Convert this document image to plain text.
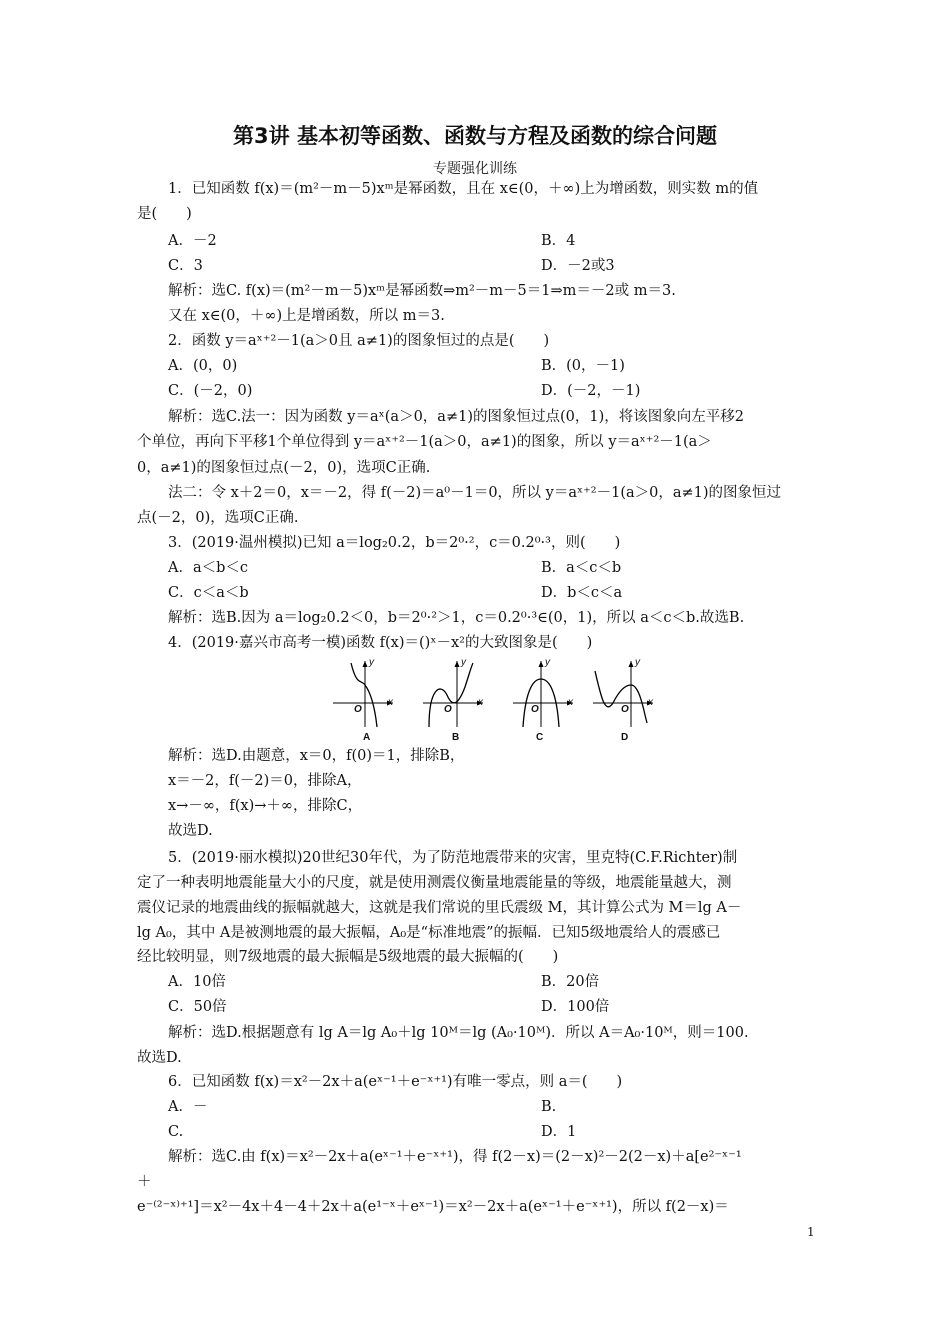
第3讲 基本初等函数、函数与方程及函数的综合问题
专题强化训练
1．已知函数 f(x)＝(m²－m－5)xᵐ是幂函数，且在 x∈(0，＋∞)上为增函数，则实数 m的值
是(　　)
A．－2	B．4
C．3	D．－2或3
解析：选C. f(x)＝(m²－m－5)xᵐ是幂函数⇒m²－m－5＝1⇒m＝－2或 m＝3.
又在 x∈(0，＋∞)上是增函数，所以 m＝3.
2．函数 y＝aˣ⁺²－1(a＞0且 a≠1)的图象恒过的点是(　　)
A．(0，0)	B．(0，－1)
C．(－2，0)	D．(－2，－1)
解析：选C.法一：因为函数 y＝aˣ(a＞0，a≠1)的图象恒过点(0，1)，将该图象向左平移2
个单位，再向下平移1个单位得到 y＝aˣ⁺²－1(a＞0，a≠1)的图象，所以 y＝aˣ⁺²－1(a＞
0，a≠1)的图象恒过点(－2，0)，选项C正确.
法二：令 x＋2＝0，x＝－2，得 f(－2)＝a⁰－1＝0，所以 y＝aˣ⁺²－1(a＞0，a≠1)的图象恒过
点(－2，0)，选项C正确.
3．(2019·温州模拟)已知 a＝log₂0.2，b＝2⁰·²，c＝0.2⁰·³，则(　　)
A．a＜b＜c	B．a＜c＜b
C．c＜a＜b	D．b＜c＜a
解析：选B.因为 a＝log₂0.2＜0，b＝2⁰·²＞1，c＝0.2⁰·³∈(0，1)，所以 a＜c＜b.故选B.
4．(2019·嘉兴市高考一模)函数 f(x)＝()ˣ－x²的大致图象是(　　)
A
y
x
O
B
y
x
O
C
y
x
O
D
y
x
O
解析：选D.由题意，x＝0，f(0)＝1，排除B，
x＝－2，f(－2)＝0，排除A，
x→－∞，f(x)→＋∞，排除C，
故选D.
5．(2019·丽水模拟)20世纪30年代，为了防范地震带来的灾害，里克特(C.F.Richter)制
定了一种表明地震能量大小的尺度，就是使用测震仪衡量地震能量的等级，地震能量越大，测
震仪记录的地震曲线的振幅就越大，这就是我们常说的里氏震级 M，其计算公式为 M＝lg A－
lg A₀，其中 A是被测地震的最大振幅，A₀是“标准地震”的振幅．已知5级地震给人的震感已
经比较明显，则7级地震的最大振幅是5级地震的最大振幅的(　　)
A．10倍	B．20倍
C．50倍	D．100倍
解析：选D.根据题意有 lg A＝lg A₀＋lg 10ᴹ＝lg (A₀·10ᴹ)．所以 A＝A₀·10ᴹ，则＝100.
故选D.
6．已知函数 f(x)＝x²－2x＋a(eˣ⁻¹＋e⁻ˣ⁺¹)有唯一零点，则 a＝(　　)
A．－	B.
C.	D．1
解析：选C.由 f(x)＝x²－2x＋a(eˣ⁻¹＋e⁻ˣ⁺¹)，得 f(2－x)＝(2－x)²－2(2－x)＋a[e²⁻ˣ⁻¹
＋
e⁻⁽²⁻ˣ⁾⁺¹]＝x²－4x＋4－4＋2x＋a(e¹⁻ˣ＋eˣ⁻¹)＝x²－2x＋a(eˣ⁻¹＋e⁻ˣ⁺¹)，所以 f(2－x)＝
1
